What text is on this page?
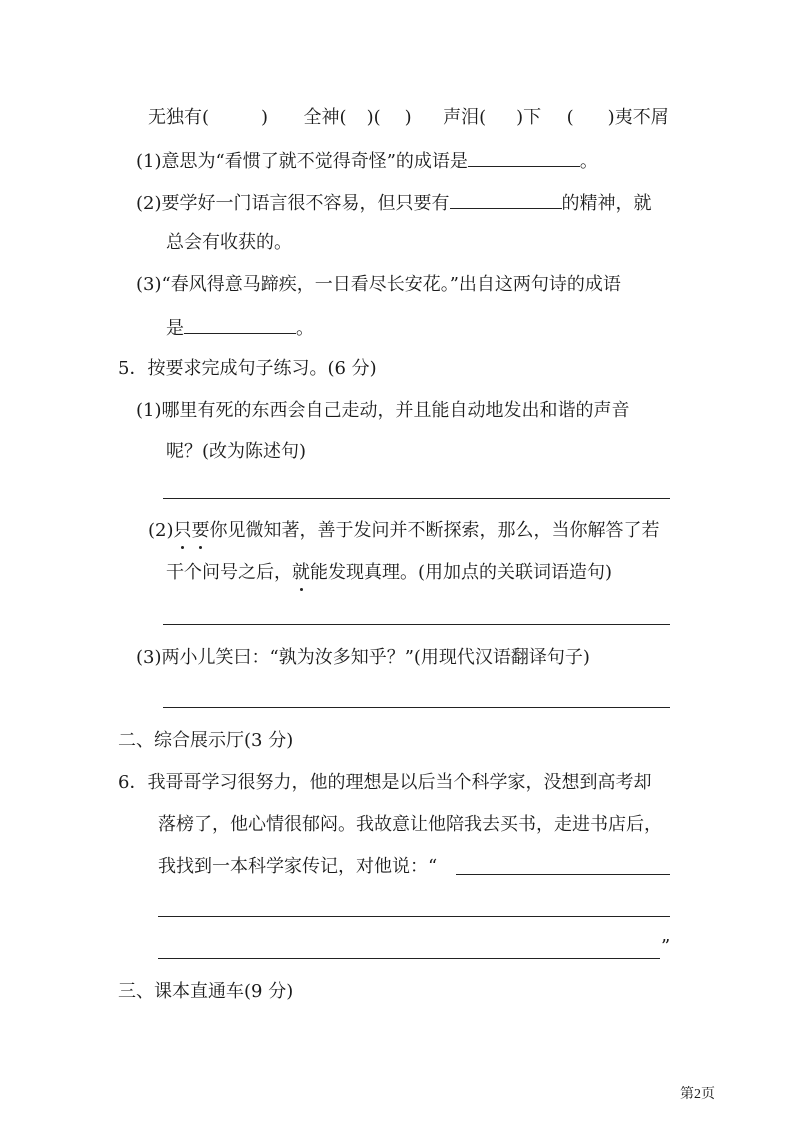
无独有(	) 全神( )( ) 声泪( )下 ( )夷不屑
(1)意思为“看惯了就不觉得奇怪”的成语是	。
(2)要学好一门语言很不容易，但只要有	的精神，就
总会有收获的。
(3)“春风得意马蹄疾，一日看尽长安花。”出自这两句诗的成语
是	。
5．按要求完成句子练习。(6 分)
(1)哪里有死的东西会自己走动，并且能自动地发出和谐的声音
呢？(改为陈述句)
(2)只要你见微知著，善于发问并不断探索，那么，当你解答了若
干个问号之后，就能发现真理。(用加点的关联词语造句)
(3)两小儿笑曰：“孰为汝多知乎？”(用现代汉语翻译句子)
二、综合展示厅(3 分)
6．我哥哥学习很努力，他的理想是以后当个科学家，没想到高考却
落榜了，他心情很郁闷。我故意让他陪我去买书，走进书店后，
我找到一本科学家传记，对他说：“
”
三、课本直通车(9 分)
第2页
